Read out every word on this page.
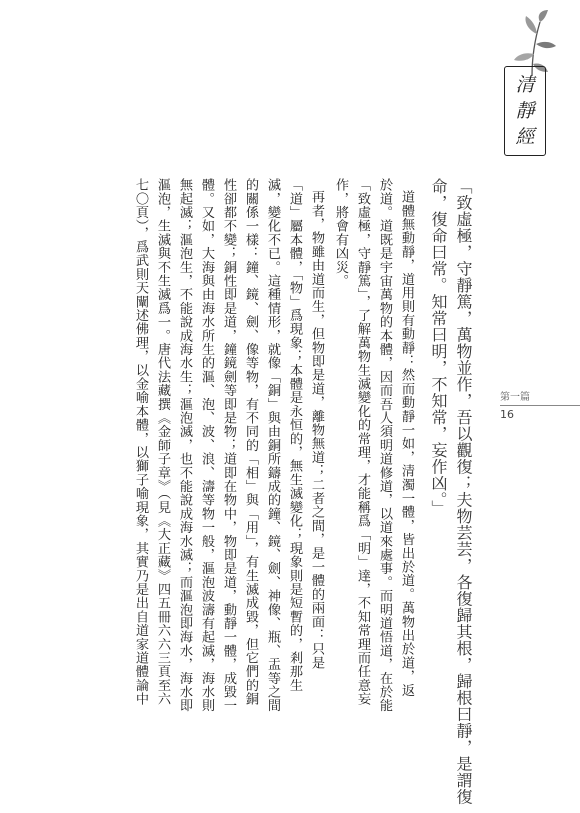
清
靜
經
第一篇
16
「致虛極，守靜篤，萬物並作，吾以觀復；夫物芸芸，各復歸其根，歸根曰靜，是謂復
命，復命曰常。知常曰明，不知常，妄作凶。」
道體無動靜，道用則有動靜：然而動靜一如，清濁一體，皆出於道。萬物出於道，返
於道。道既是宇宙萬物的本體，因而吾人須明道修道，以道來處事。而明道悟道，在於能
「致虛極，守靜篤」，了解萬物生滅變化的常理，才能稱爲「明」達，不知常理而任意妄
作，將會有凶災。
再者，物雖由道而生，但物即是道，離物無道；二者之間，是一體的兩面：只是
「道」屬本體，「物」爲現象；本體是永恒的，無生滅變化；現象則是短暫的，剎那生
滅，變化不已。這種情形，就像「銅」與由銅所鑄成的鐘、鏡、劍、神像、瓶、盂等之間
的關係一樣：鐘、鏡、劍、像等物，有不同的「相」與「用」，有生滅成毀，但它們的銅
性卻都不變；銅性即是道，鐘鏡劍等即是物；道即在物中，物即是道，動靜一體，成毀一
體。又如，大海與由海水所生的漚、泡、波、浪、濤等物一般，漚泡波濤有起滅，海水則
無起滅；漚泡生，不能說成海水生；漚泡滅，也不能說成海水滅；而漚泡即海水，海水即
漚泡，生滅與不生滅爲一。唐代法藏撰《金師子章》（見《大正藏》四五冊六六三頁至六
七〇頁），爲武則天闡述佛理，以金喻本體，以獅子喻現象，其實乃是出自道家道體論中
